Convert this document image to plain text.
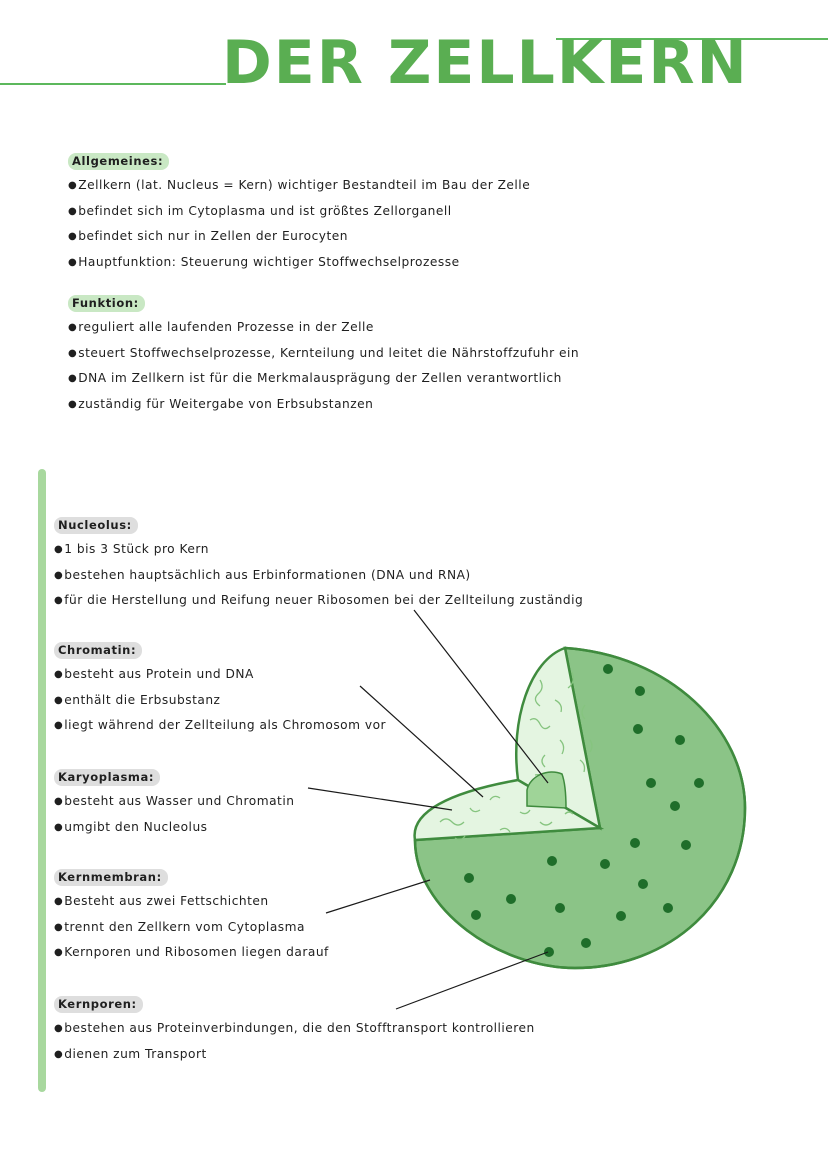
DER ZELLKERN
Allgemeines:
● Zellkern (lat. Nucleus = Kern) wichtiger Bestandteil im Bau der Zelle
● befindet sich im Cytoplasma und ist größtes Zellorganell
● befindet sich nur in Zellen der Eurocyten
● Hauptfunktion: Steuerung wichtiger Stoffwechselprozesse
Funktion:
● reguliert alle laufenden Prozesse in der Zelle
● steuert Stoffwechselprozesse, Kernteilung und leitet die Nährstoffzufuhr ein
● DNA im Zellkern ist für die Merkmalausprägung der Zellen verantwortlich
● zuständig für Weitergabe von Erbsubstanzen
Nucleolus:
● 1 bis 3 Stück pro Kern
● bestehen hauptsächlich aus Erbinformationen (DNA und RNA)
● für die Herstellung und Reifung neuer Ribosomen bei der Zellteilung zuständig
Chromatin:
● besteht aus Protein und DNA
● enthält die Erbsubstanz
● liegt während der Zellteilung als Chromosom vor
Karyoplasma:
● besteht aus Wasser und Chromatin
● umgibt den Nucleolus
Kernmembran:
● Besteht aus zwei Fettschichten
● trennt den Zellkern vom Cytoplasma
● Kernporen und Ribosomen liegen darauf
Kernporen:
● bestehen aus Proteinverbindungen, die den Stofftransport kontrollieren
● dienen zum Transport
